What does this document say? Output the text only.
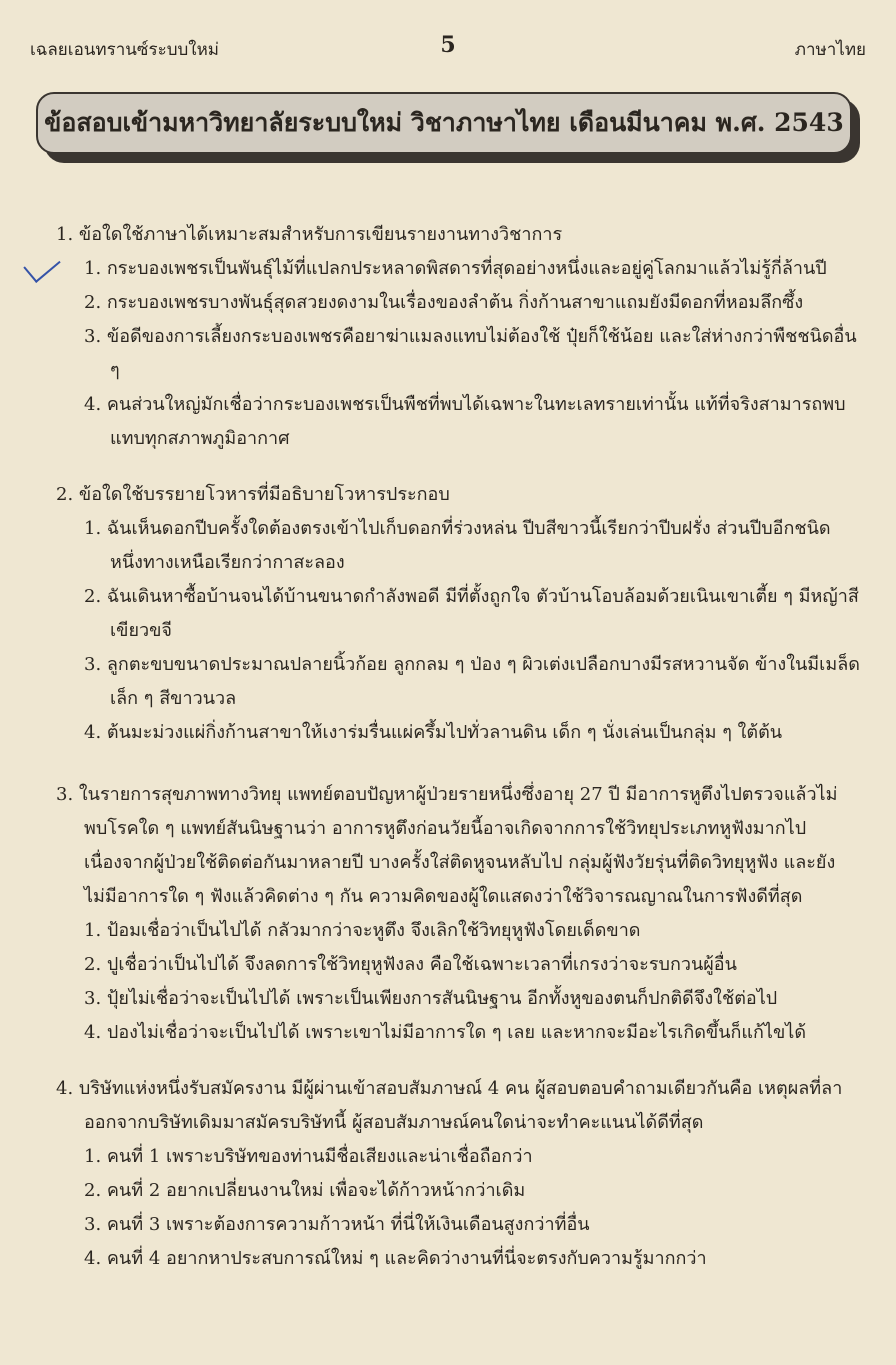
เฉลยเอนทรานซ์ระบบใหม่	5	ภาษาไทย
ข้อสอบเข้ามหาวิทยาลัยระบบใหม่ วิชาภาษาไทย เดือนมีนาคม พ.ศ. 2543
1. ข้อใดใช้ภาษาได้เหมาะสมสำหรับการเขียนรายงานทางวิชาการ
1. กระบองเพชรเป็นพันธุ์ไม้ที่แปลกประหลาดพิสดารที่สุดอย่างหนึ่งและอยู่คู่โลกมาแล้วไม่รู้กี่ล้านปี
2. กระบองเพชรบางพันธุ์สุดสวยงดงามในเรื่องของลำต้น กิ่งก้านสาขาแถมยังมีดอกที่หอมลึกซึ้ง
3. ข้อดีของการเลี้ยงกระบองเพชรคือยาฆ่าแมลงแทบไม่ต้องใช้ ปุ๋ยก็ใช้น้อย และใส่ห่างกว่าพืชชนิดอื่น ๆ
4. คนส่วนใหญ่มักเชื่อว่ากระบองเพชรเป็นพืชที่พบได้เฉพาะในทะเลทรายเท่านั้น แท้ที่จริงสามารถพบแทบทุกสภาพภูมิอากาศ
2. ข้อใดใช้บรรยายโวหารที่มีอธิบายโวหารประกอบ
1. ฉันเห็นดอกปีบครั้งใดต้องตรงเข้าไปเก็บดอกที่ร่วงหล่น ปีบสีขาวนี้เรียกว่าปีบฝรั่ง ส่วนปีบอีกชนิดหนึ่งทางเหนือเรียกว่ากาสะลอง
2. ฉันเดินหาซื้อบ้านจนได้บ้านขนาดกำลังพอดี มีที่ตั้งถูกใจ ตัวบ้านโอบล้อมด้วยเนินเขาเตี้ย ๆ มีหญ้าสีเขียวขจี
3. ลูกตะขบขนาดประมาณปลายนิ้วก้อย ลูกกลม ๆ ป่อง ๆ ผิวเต่งเปลือกบางมีรสหวานจัด ข้างในมีเมล็ดเล็ก ๆ สีขาวนวล
4. ต้นมะม่วงแผ่กิ่งก้านสาขาให้เงาร่มรื่นแผ่ครึ้มไปทั่วลานดิน เด็ก ๆ นั่งเล่นเป็นกลุ่ม ๆ ใต้ต้น
3. ในรายการสุขภาพทางวิทยุ แพทย์ตอบปัญหาผู้ป่วยรายหนึ่งซึ่งอายุ 27 ปี มีอาการหูตึงไปตรวจแล้วไม่พบโรคใด ๆ แพทย์สันนิษฐานว่า อาการหูตึงก่อนวัยนี้อาจเกิดจากการใช้วิทยุประเภทหูฟังมากไปเนื่องจากผู้ป่วยใช้ติดต่อกันมาหลายปี บางครั้งใส่ติดหูจนหลับไป กลุ่มผู้ฟังวัยรุ่นที่ติดวิทยุหูฟัง และยังไม่มีอาการใด ๆ ฟังแล้วคิดต่าง ๆ กัน ความคิดของผู้ใดแสดงว่าใช้วิจารณญาณในการฟังดีที่สุด
1. ป้อมเชื่อว่าเป็นไปได้ กลัวมากว่าจะหูตึง จึงเลิกใช้วิทยุหูฟังโดยเด็ดขาด
2. ปูเชื่อว่าเป็นไปได้ จึงลดการใช้วิทยุหูฟังลง คือใช้เฉพาะเวลาที่เกรงว่าจะรบกวนผู้อื่น
3. ปุ้ยไม่เชื่อว่าจะเป็นไปได้ เพราะเป็นเพียงการสันนิษฐาน อีกทั้งหูของตนก็ปกติดีจึงใช้ต่อไป
4. ปองไม่เชื่อว่าจะเป็นไปได้ เพราะเขาไม่มีอาการใด ๆ เลย และหากจะมีอะไรเกิดขึ้นก็แก้ไขได้
4. บริษัทแห่งหนึ่งรับสมัครงาน มีผู้ผ่านเข้าสอบสัมภาษณ์ 4 คน ผู้สอบตอบคำถามเดียวกันคือ เหตุผลที่ลาออกจากบริษัทเดิมมาสมัครบริษัทนี้ ผู้สอบสัมภาษณ์คนใดน่าจะทำคะแนนได้ดีที่สุด
1. คนที่ 1 เพราะบริษัทของท่านมีชื่อเสียงและน่าเชื่อถือกว่า
2. คนที่ 2 อยากเปลี่ยนงานใหม่ เพื่อจะได้ก้าวหน้ากว่าเดิม
3. คนที่ 3 เพราะต้องการความก้าวหน้า ที่นี่ให้เงินเดือนสูงกว่าที่อื่น
4. คนที่ 4 อยากหาประสบการณ์ใหม่ ๆ และคิดว่างานที่นี่จะตรงกับความรู้มากกว่า
